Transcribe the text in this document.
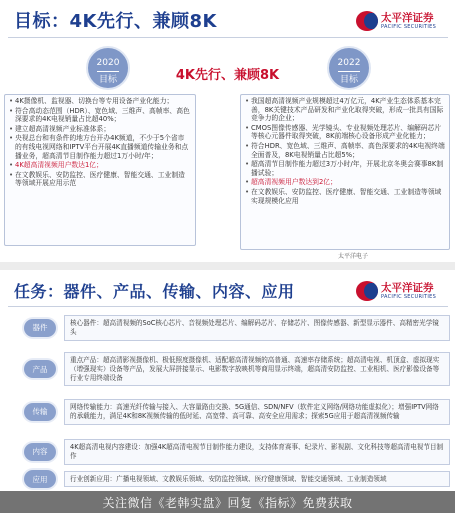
目标：4K先行、兼顾8K	太平洋证券
PACIFIC SECURITIES
2020
目标
2022
目标
4K先行、兼顾8K
• 4K摄像机、监视器、切换台等专用设备产业化能力；
• 符合高动态范围（HDR）、宽色域、三维声、高帧率、高色深要求的4K电视销量占比超40%；
• 建立超高清视频产业标准体系；
• 央视总台和有条件的地方台开办4K频道，不少于5个省市的有线电视网络和IPTV平台开展4K直播频道传输业务和点播业务，超高清节目制作能力超过1万小时/年；
• 4K超高清视频用户数达1亿；
• 在文教娱乐、安防监控、医疗健康、智能交通、工业制造等领域开展应用示范
• 我国超高清视频产业规模超过4万亿元，4K产业生态体系基本完善，8K关键技术产品研发和产业化取得突破，形成一批具有国际竞争力的企业；
• CMOS图像传感器、光学镜头、专业视频处理芯片、编解码芯片等核心元器件取得突破，8K前端核心设备形成产业化能力；
• 符合HDR、宽色域、三维声、高帧率、高色深要求的4K电视终端全面普及，8K电视销量占比超5%；
• 超高清节目制作能力超过3万小时/年，开展北京冬奥会赛事8K制播试验；
• 超高清视频用户数达到2亿；
• 在文教娱乐、安防监控、医疗健康、智能交通、工业制造等领域实现规模化应用
太平洋电子
任务：器件、产品、传输、内容、应用	太平洋证券
PACIFIC SECURITIES
器件
核心器件：超高清视频的SoC核心芯片、音视频处理芯片、编解码芯片、存储芯片、图像传感器、新型显示器件、高精密光学镜头
产品
重点产品：超高清影视摄像机、极低照度摄像机、适配超高清视频的高普通、高速率存储系统；超高清电视、机顶盒、虚拟现实（增强现实）设备等产品，发展大屏拼接显示、电影数字放映机等商用显示终端，超高清安防监控、工业相机、医疗影像设备等行业专用终端设备
传输
网络传输能力：高速光纤传输与接入、大容量路由交换、5G通信、SDN/NFV（软件定义网络/网络功能虚拟化）；增强IPTV网络的承载能力，满足4K和8K视频传输的低时延、高宽带、高可靠、高安全应用需求；探索5G应用于超高清视频传输
内容
4K超高清电视内容建设：加强4K超高清电视节目制作能力建设，支持体育赛事、纪录片、影视剧、文化科技等超高清电视节目制作
应用	行业创新应用：广播电视领域、文教娱乐领域、安防监控领域、医疗健康领域、智能交通领域、工业制造领域
关注微信《老韩实盘》回复《指标》免费获取
